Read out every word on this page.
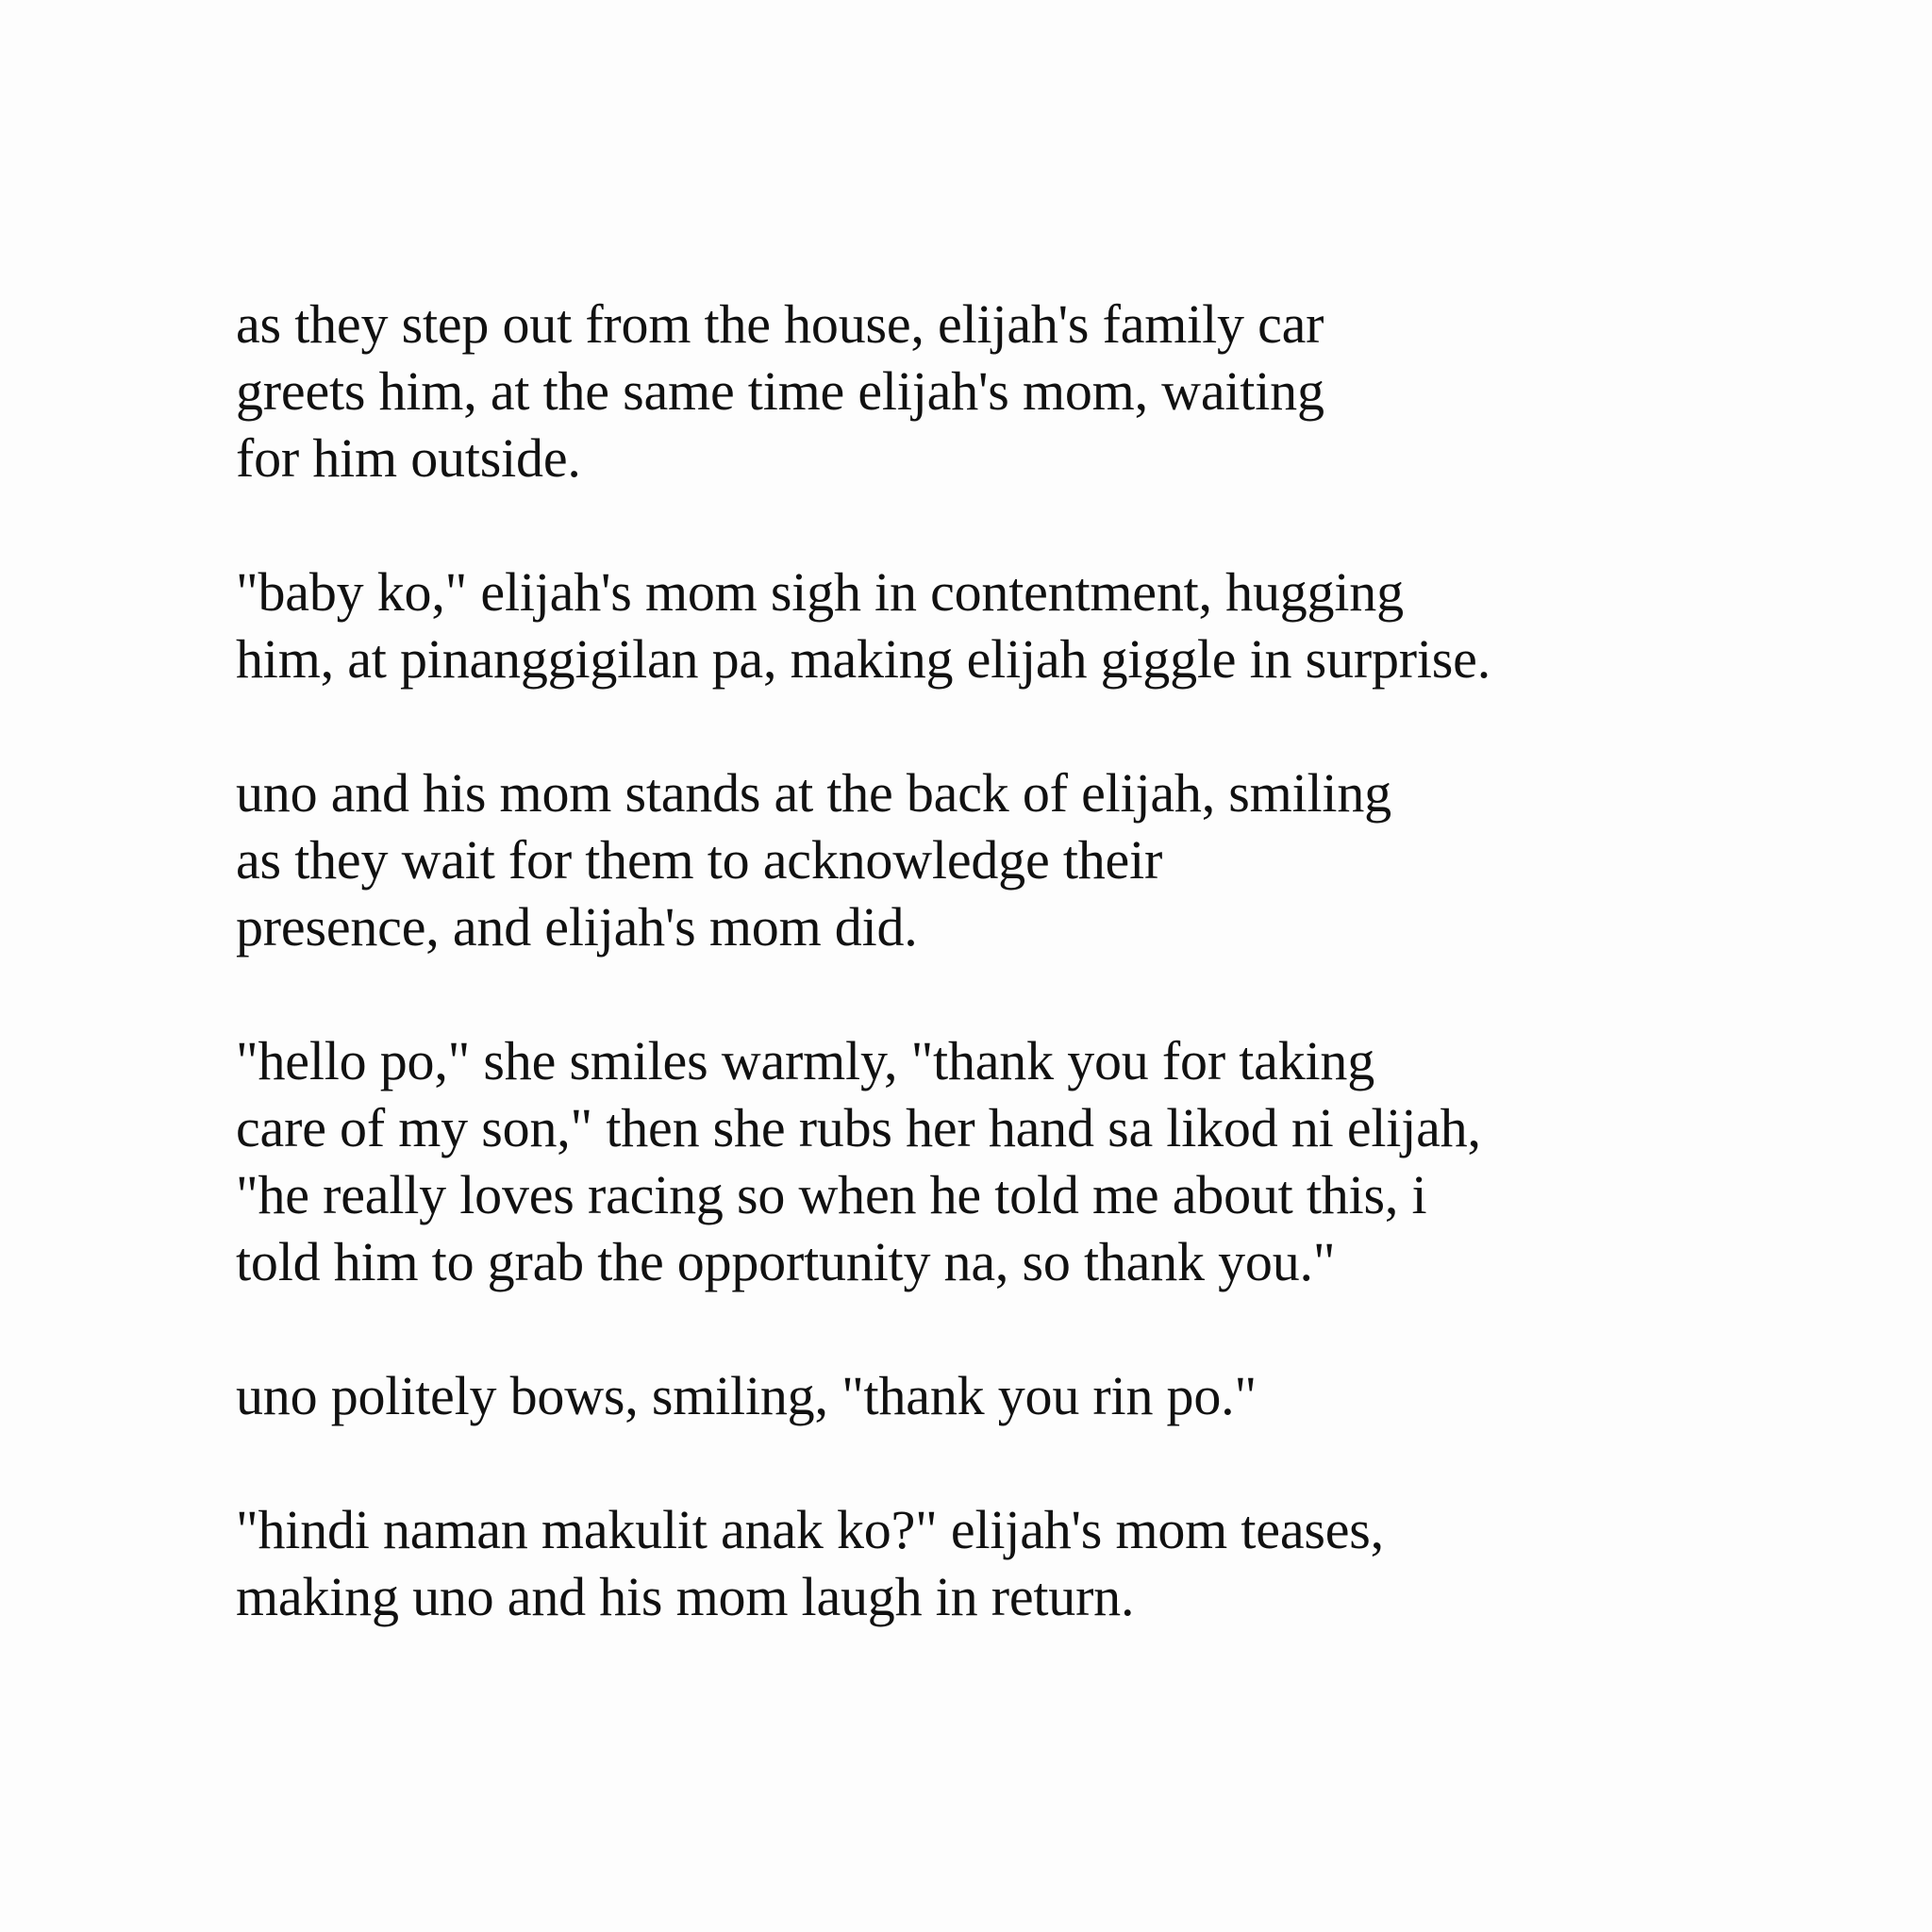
as they step out from the house, elijah's family car
greets him, at the same time elijah's mom, waiting
for him outside.

"baby ko," elijah's mom sigh in contentment, hugging
him, at pinanggigilan pa, making elijah giggle in surprise.

uno and his mom stands at the back of elijah, smiling
as they wait for them to acknowledge their
presence, and elijah's mom did.

"hello po," she smiles warmly, "thank you for taking
care of my son," then she rubs her hand sa likod ni elijah,
"he really loves racing so when he told me about this, i
told him to grab the opportunity na, so thank you."

uno politely bows, smiling, "thank you rin po."

"hindi naman makulit anak ko?" elijah's mom teases,
making uno and his mom laugh in return.
